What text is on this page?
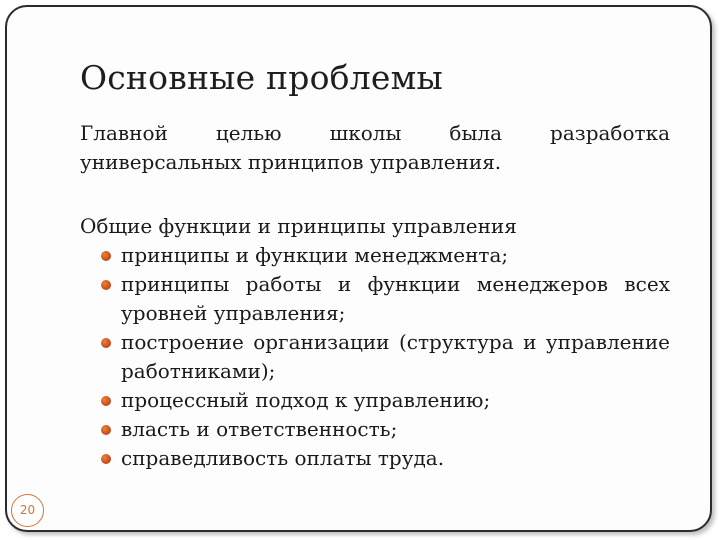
Основные проблемы
Главной целью школы была разработка универсальных принципов управления.

Общие функции и принципы управления

принципы и функции менеджмента;
принципы работы и функции менеджеров всех уровней управления;
построение организации (структура и управление работниками);
процессный подход к управлению;
власть и ответственность;
справедливость оплаты труда.
20
